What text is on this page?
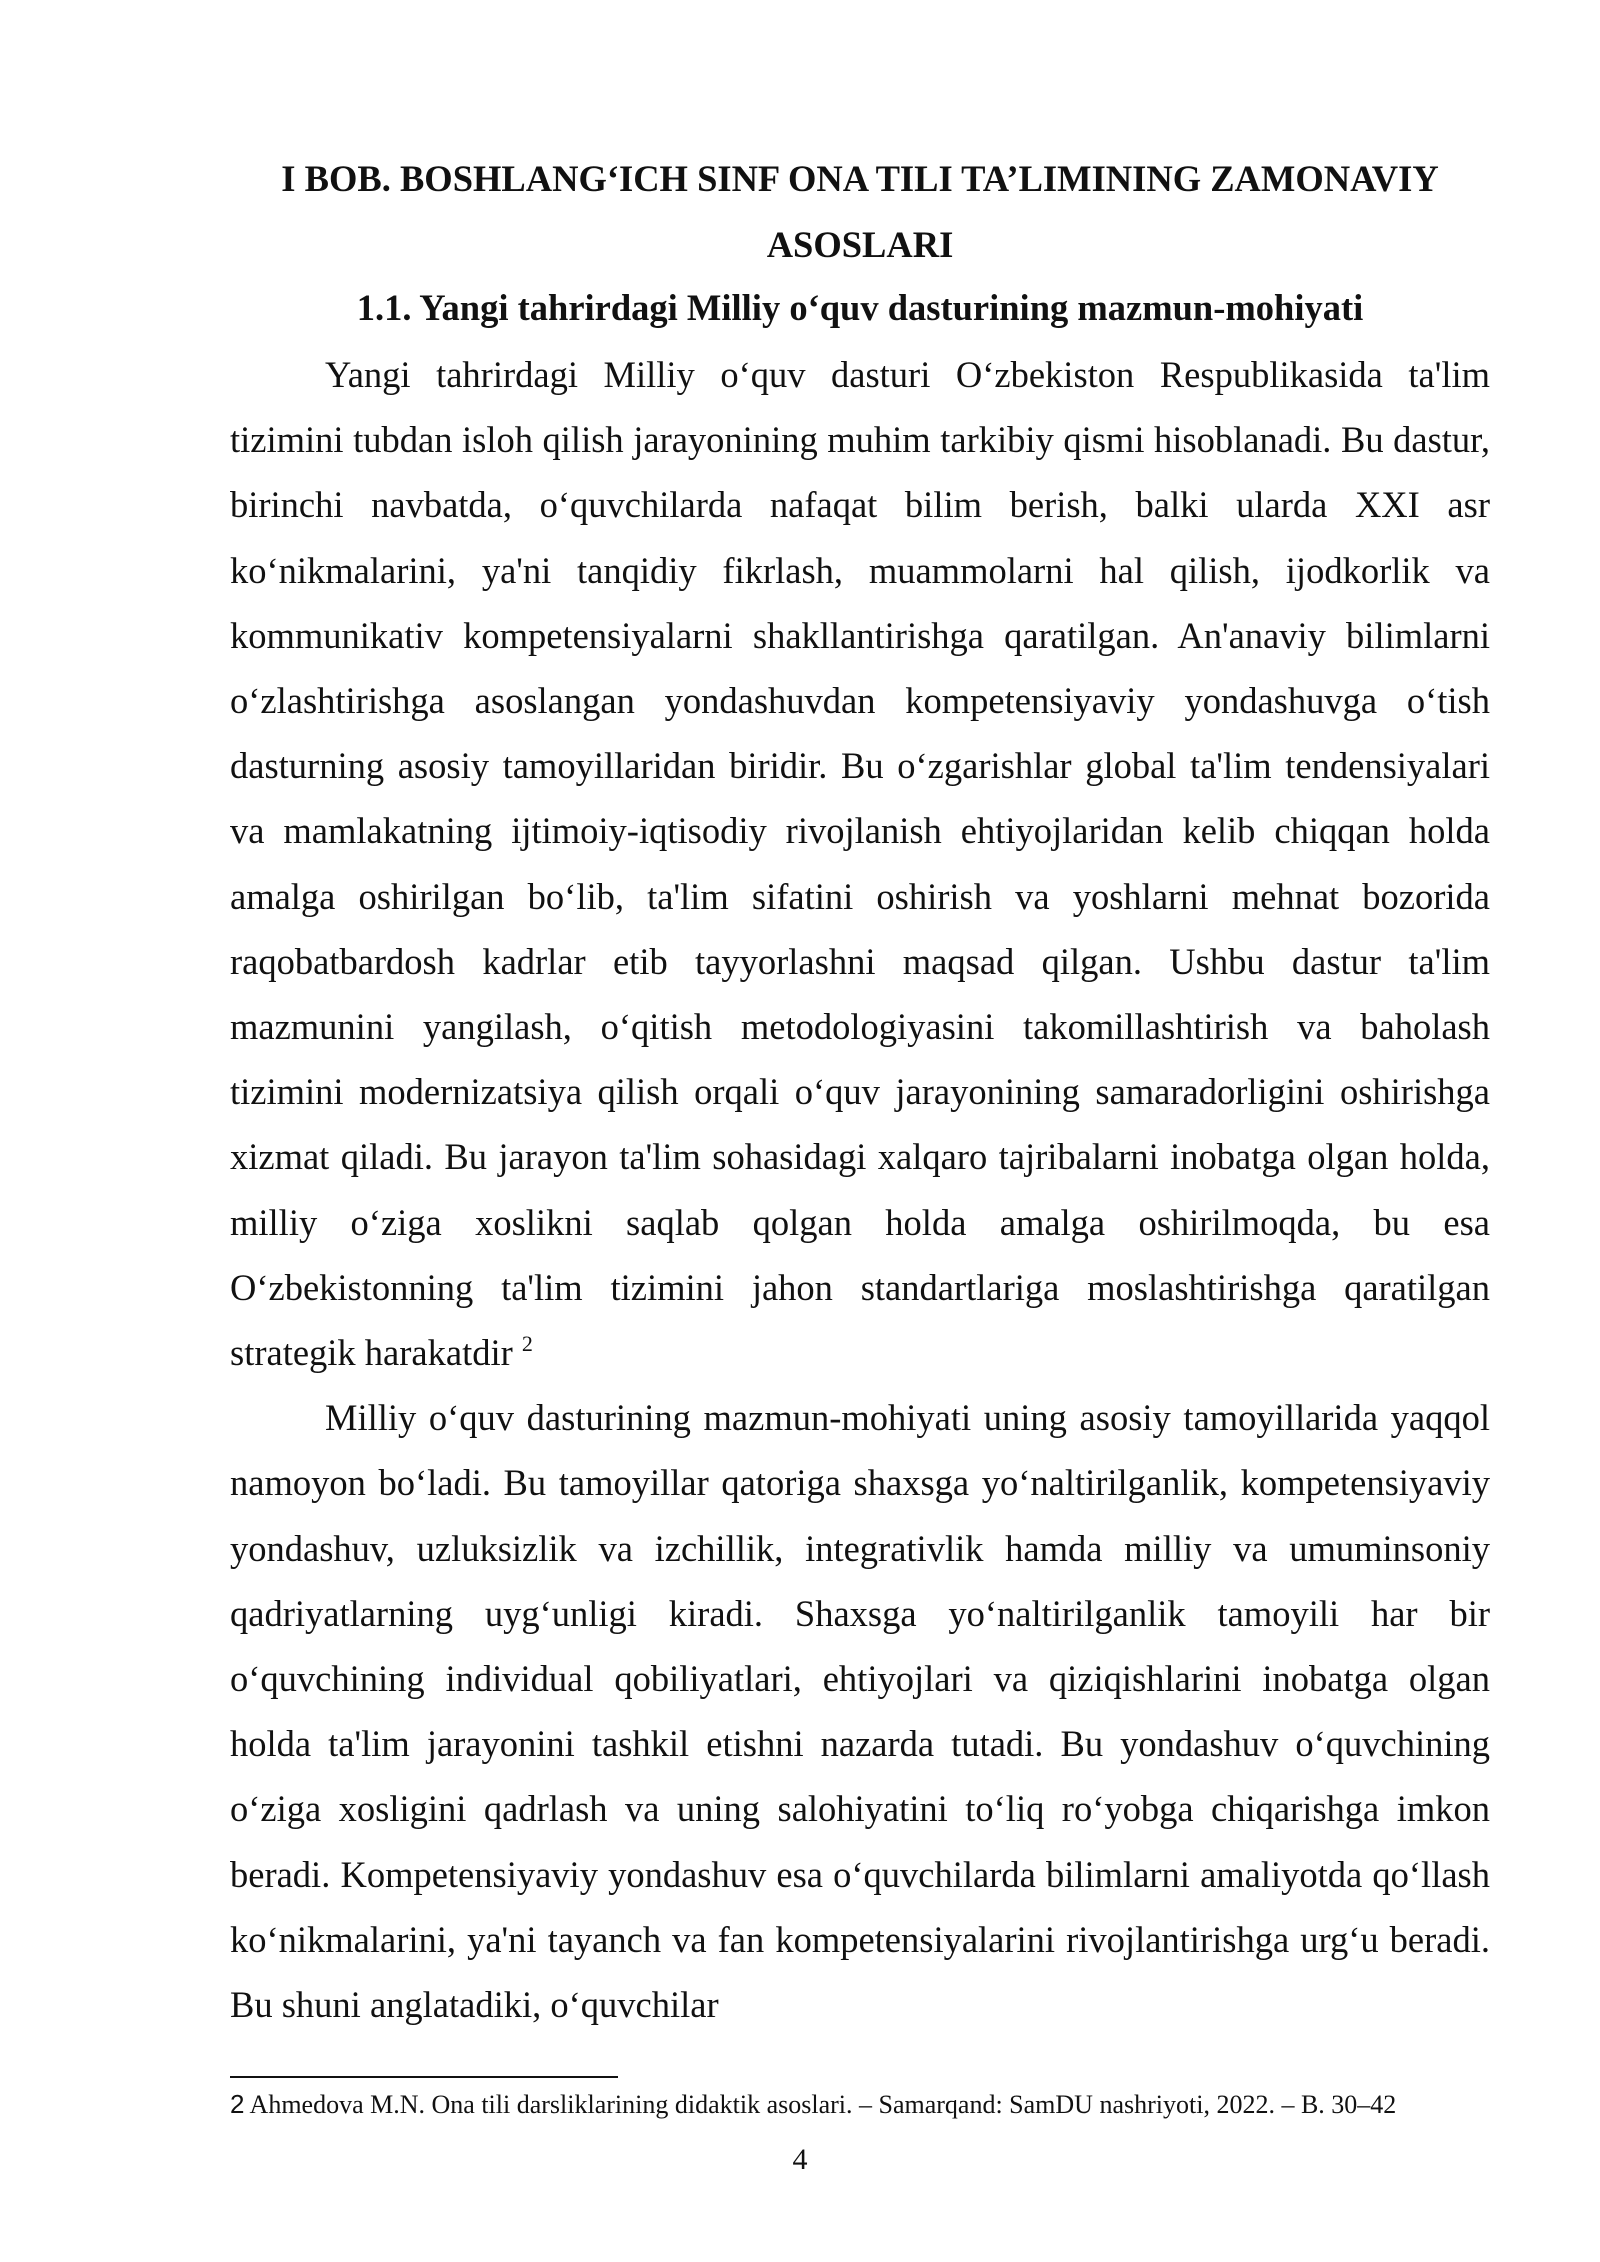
I BOB. BOSHLANG‘ICH SINF ONA TILI TA’LIMINING ZAMONAVIY
ASOSLARI
1.1. Yangi tahrirdagi Milliy o‘quv dasturining mazmun-mohiyati

Yangi tahrirdagi Milliy o‘quv dasturi O‘zbekiston Respublikasida ta'lim tizimini tubdan isloh qilish jarayonining muhim tarkibiy qismi hisoblanadi. Bu dastur, birinchi navbatda, o‘quvchilarda nafaqat bilim berish, balki ularda XXI asr ko‘nikmalarini, ya'ni tanqidiy fikrlash, muammolarni hal qilish, ijodkorlik va kommunikativ kompetensiyalarni shakllantirishga qaratilgan. An'anaviy bilimlarni o‘zlashtirishga asoslangan yondashuvdan kompetensiyaviy yondashuvga o‘tish dasturning asosiy tamoyillaridan biridir. Bu o‘zgarishlar global ta'lim tendensiyalari va mamlakatning ijtimoiy-iqtisodiy rivojlanish ehtiyojlaridan kelib chiqqan holda amalga oshirilgan bo‘lib, ta'lim sifatini oshirish va yoshlarni mehnat bozorida raqobatbardosh kadrlar etib tayyorlashni maqsad qilgan. Ushbu dastur ta'lim mazmunini yangilash, o‘qitish metodologiyasini takomillashtirish va baholash tizimini modernizatsiya qilish orqali o‘quv jarayonining samaradorligini oshirishga xizmat qiladi. Bu jarayon ta'lim sohasidagi xalqaro tajribalarni inobatga olgan holda, milliy o‘ziga xoslikni saqlab qolgan holda amalga oshirilmoqda, bu esa O‘zbekistonning ta'lim tizimini jahon standartlariga moslashtirishga qaratilgan strategik harakatdir $^2$

Milliy o‘quv dasturining mazmun-mohiyati uning asosiy tamoyillarida yaqqol namoyon bo‘ladi. Bu tamoyillar qatoriga shaxsga yo‘naltirilganlik, kompetensiyaviy yondashuv, uzluksizlik va izchillik, integrativlik hamda milliy va umuminsoniy qadriyatlarning uyg‘unligi kiradi. Shaxsga yo‘naltirilganlik tamoyili har bir o‘quvchining individual qobiliyatlari, ehtiyojlari va qiziqishlarini inobatga olgan holda ta'lim jarayonini tashkil etishni nazarda tutadi. Bu yondashuv o‘quvchining o‘ziga xosligini qadrlash va uning salohiyatini to‘liq ro‘yobga chiqarishga imkon beradi. Kompetensiyaviy yondashuv esa o‘quvchilarda bilimlarni amaliyotda qo‘llash ko‘nikmalarini, ya'ni tayanch va fan kompetensiyalarini rivojlantirishga urg‘u beradi. Bu shuni anglatadiki, o‘quvchilar

2 Ahmedova M.N. Ona tili darsliklarining didaktik asoslari. – Samarqand: SamDU nashriyoti, 2022. – B. 30–42

4
